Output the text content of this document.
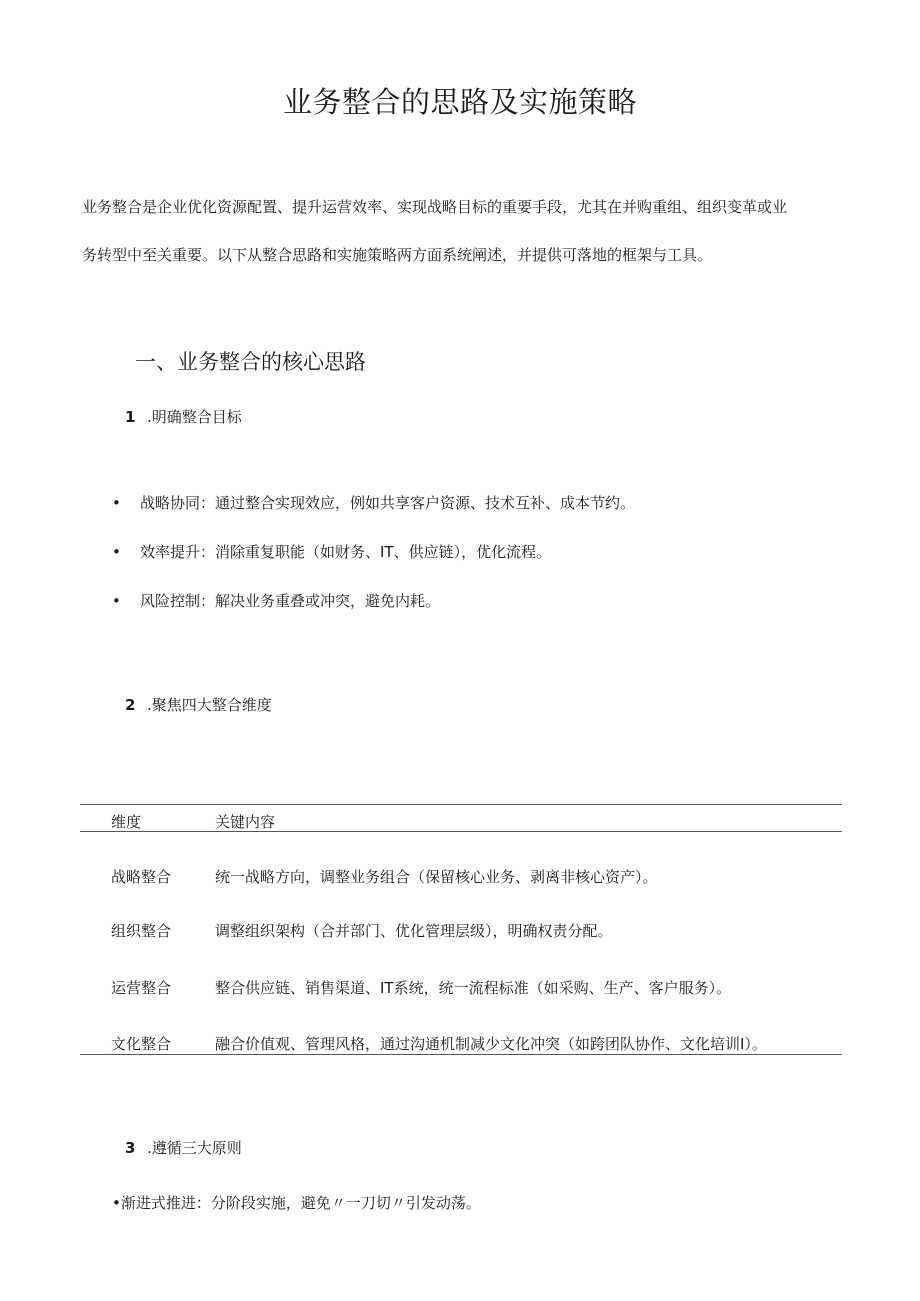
业务整合的思路及实施策略
业务整合是企业优化资源配置、提升运营效率、实现战略目标的重要手段，尤其在并购重组、组织变革或业
务转型中至关重要。以下从整合思路和实施策略两方面系统阐述，并提供可落地的框架与工具。
一、业务整合的核心思路
1 .明确整合目标
• 战略协同：通过整合实现效应，例如共享客户资源、技术互补、成本节约。
• 效率提升：消除重复职能（如财务、IT、供应链），优化流程。
• 风险控制：解决业务重叠或冲突，避免内耗。
2 .聚焦四大整合维度
维度	关键内容
战略整合	统一战略方向，调整业务组合（保留核心业务、剥离非核心资产）。
组织整合	调整组织架构（合并部门、优化管理层级），明确权责分配。
运营整合	整合供应链、销售渠道、IT系统，统一流程标准（如采购、生产、客户服务）。
文化整合	融合价值观、管理风格，通过沟通机制减少文化冲突（如跨团队协作、文化培训I）。
3 .遵循三大原则
•渐进式推进：分阶段实施，避免〃一刀切〃引发动荡。
